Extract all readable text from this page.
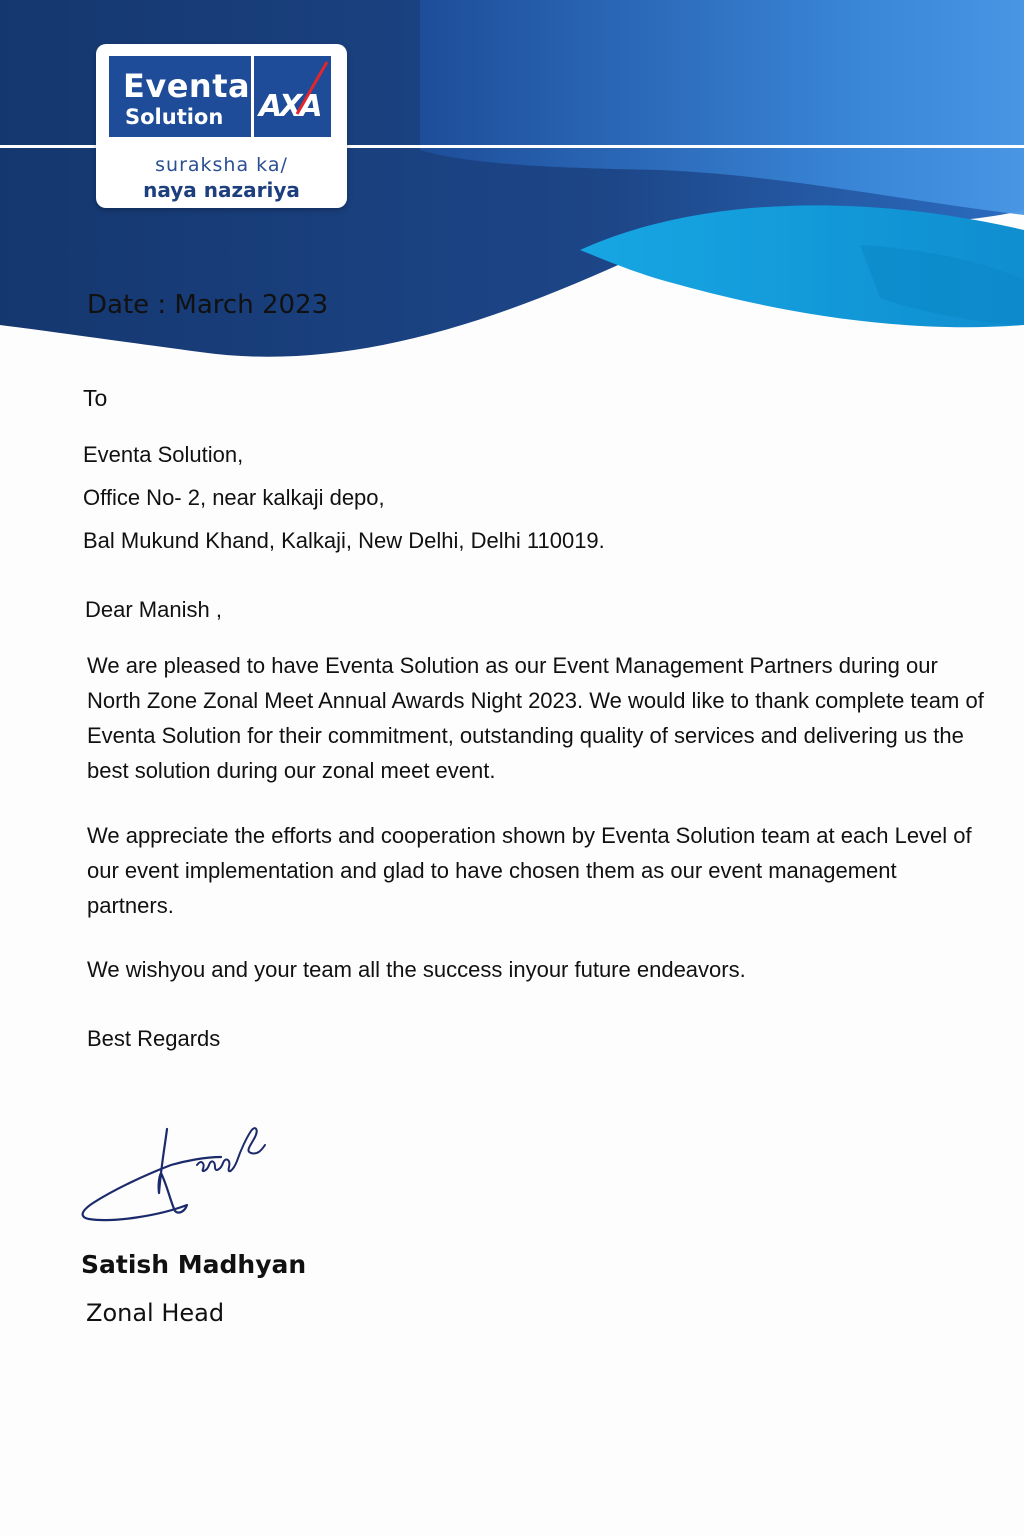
Eventa
Solution AXA
suraksha ka/
naya nazariya
Date : March 2023

To

Eventa Solution,
Office No- 2, near kalkaji depo,
Bal Mukund Khand, Kalkaji, New Delhi, Delhi 110019.

Dear Manish ,

We are pleased to have Eventa Solution as our Event Management Partners during our North Zone Zonal Meet Annual Awards Night 2023. We would like to thank complete team of Eventa Solution for their commitment, outstanding quality of services and delivering us the best solution during our zonal meet event.

We appreciate the efforts and cooperation shown by Eventa Solution team at each Level of our event implementation and glad to have chosen them as our event management partners.

We wishyou and your team all the success inyour future endeavors.

Best Regards

Satish Madhyan
Zonal Head
